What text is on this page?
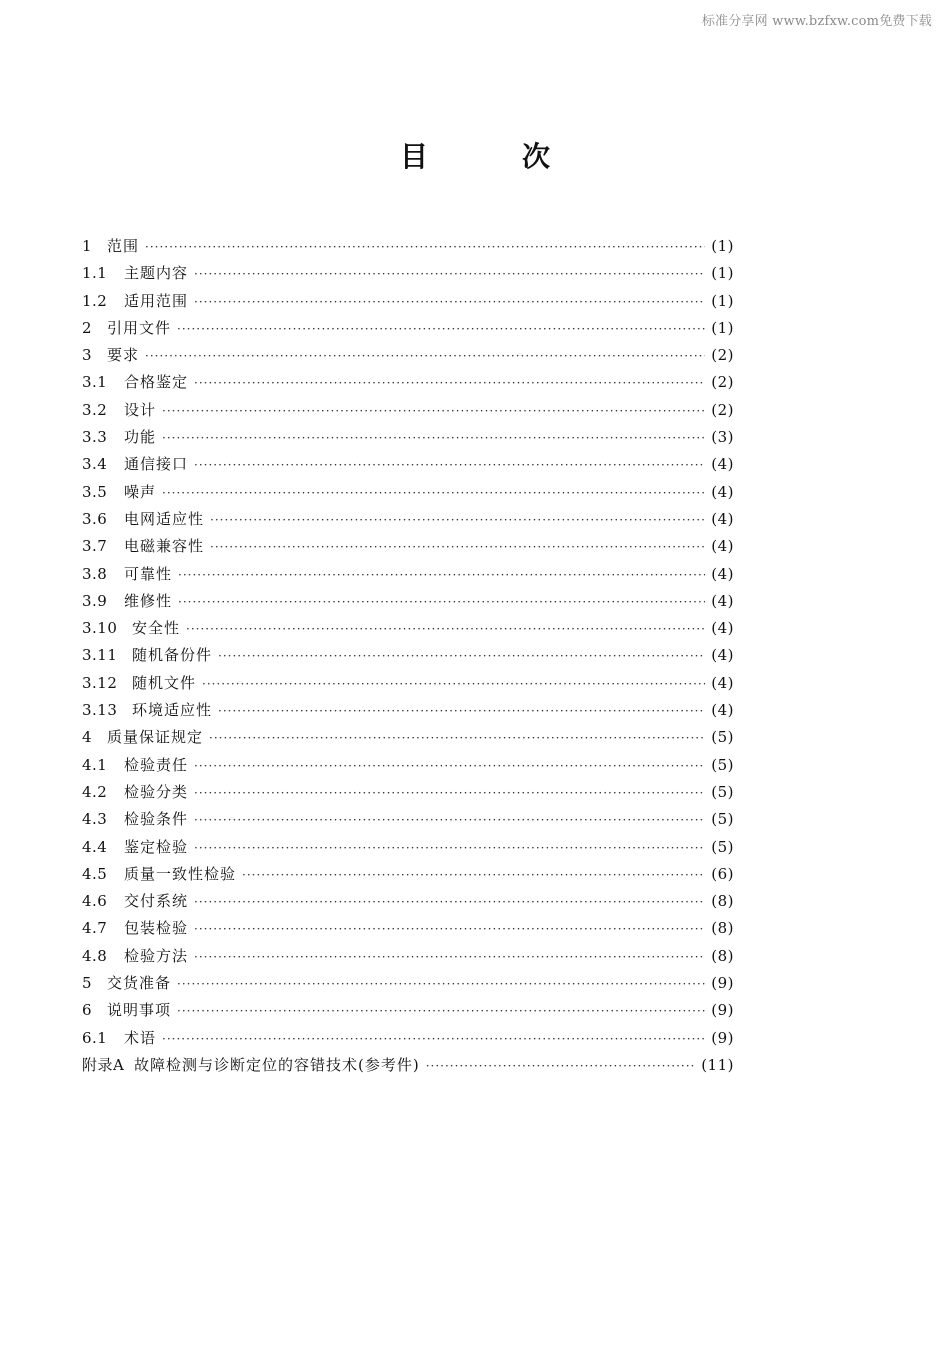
标准分享网 www.bzfxw.com免费下载
目次
1 范围 ·····	(1)
1.1	主题内容 ·····	(1)
1.2	适用范围 ·····	(1)
2 引用文件 ·····	(1)
3 要求 ·····	(2)
3.1	合格鉴定 ·····	(2)
3.2	设计 ·····	(2)
3.3	功能 ·····	(3)
3.4	通信接口 ·····	(4)
3.5	噪声 ·····	(4)
3.6	电网适应性 ·····	(4)
3.7	电磁兼容性 ·····	(4)
3.8	可靠性 ·····	(4)
3.9	维修性 ·····	(4)
3.10 安全性 ·····	(4)
3.11 随机备份件 ·····	(4)
3.12 随机文件 ·····	(4)
3.13 环境适应性 ·····	(4)
4 质量保证规定 ·····	(5)
4.1	检验责任 ·····	(5)
4.2	检验分类 ·····	(5)
4.3	检验条件 ·····	(5)
4.4	鉴定检验 ·····	(5)
4.5	质量一致性检验 ·····	(6)
4.6	交付系统 ·····	(8)
4.7	包装检验 ·····	(8)
4.8	检验方法 ·····	(8)
5 交货准备 ·····	(9)
6 说明事项 ·····	(9)
6.1	术语 ·····	(9)
附录A 故障检测与诊断定位的容错技术(参考件) ·····	(11)
